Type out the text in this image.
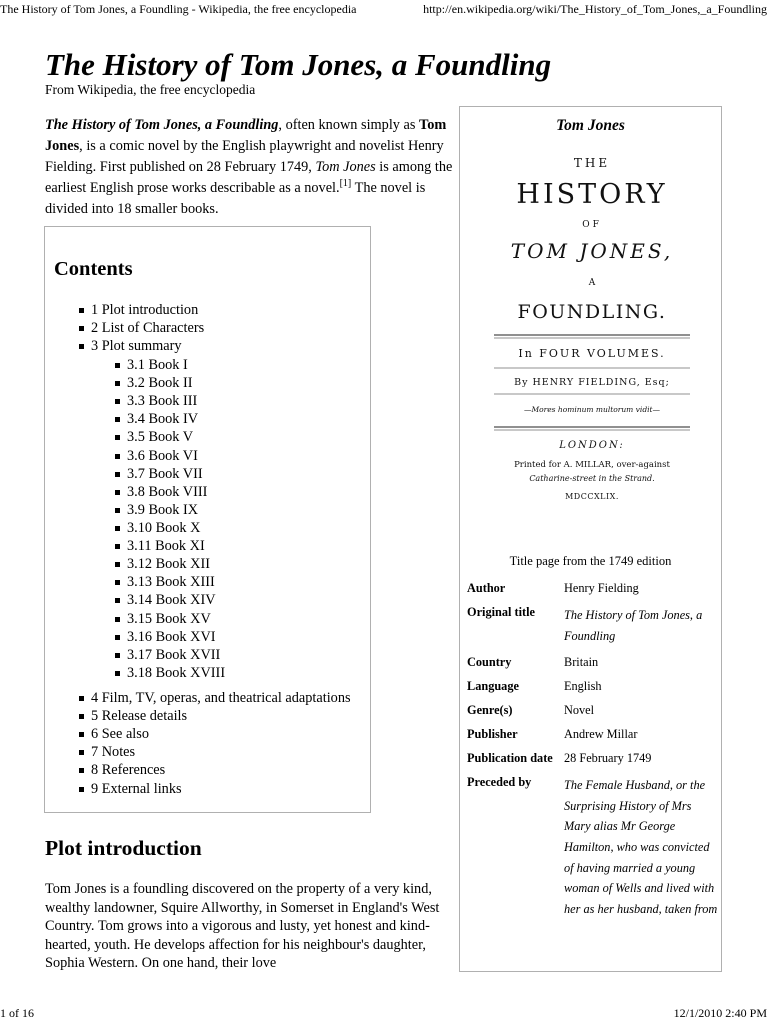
The History of Tom Jones, a Foundling - Wikipedia, the free encyclopedia	http://en.wikipedia.org/wiki/The_History_of_Tom_Jones,_a_Foundling
The History of Tom Jones, a Foundling
From Wikipedia, the free encyclopedia

The History of Tom Jones, a Foundling, often known simply as Tom Jones, is a comic novel by the English playwright and novelist Henry Fielding. First published on 28 February 1749, Tom Jones is among the earliest English prose works describable as a novel.[1] The novel is divided into 18 smaller books.

Contents
1 Plot introduction
2 List of Characters
3 Plot summary
3.1 Book I
3.2 Book II
3.3 Book III
3.4 Book IV
3.5 Book V
3.6 Book VI
3.7 Book VII
3.8 Book VIII
3.9 Book IX
3.10 Book X
3.11 Book XI
3.12 Book XII
3.13 Book XIII
3.14 Book XIV
3.15 Book XV
3.16 Book XVI
3.17 Book XVII
3.18 Book XVIII
4 Film, TV, operas, and theatrical adaptations
5 Release details
6 See also
7 Notes
8 References
9 External links
Plot introduction

Tom Jones is a foundling discovered on the property of a very kind, wealthy landowner, Squire Allworthy, in Somerset in England's West Country. Tom grows into a vigorous and lusty, yet honest and kind-hearted, youth. He develops affection for his neighbour's daughter, Sophia Western. On one hand, their love

Tom Jones
THE
HISTORY
OF
TOM JONES,
A
FOUNDLING.
In FOUR VOLUMES.
By HENRY FIELDING, Esq;
—Mores hominum multorum vidit—
LONDON:
Printed for A. MILLAR, over-against
Catharine-street in the Strand.
MDCCXLIX.
Title page from the 1749 edition
Author	Henry Fielding
Original title	The History of Tom Jones, a Foundling
Country	Britain
Language	English
Genre(s)	Novel
Publisher	Andrew Millar
Publication date	28 February 1749
Preceded by	The Female Husband, or the Surprising History of Mrs Mary alias Mr George Hamilton, who was convicted of having married a young woman of Wells and lived with her as her husband, taken from
1 of 16	12/1/2010 2:40 PM
